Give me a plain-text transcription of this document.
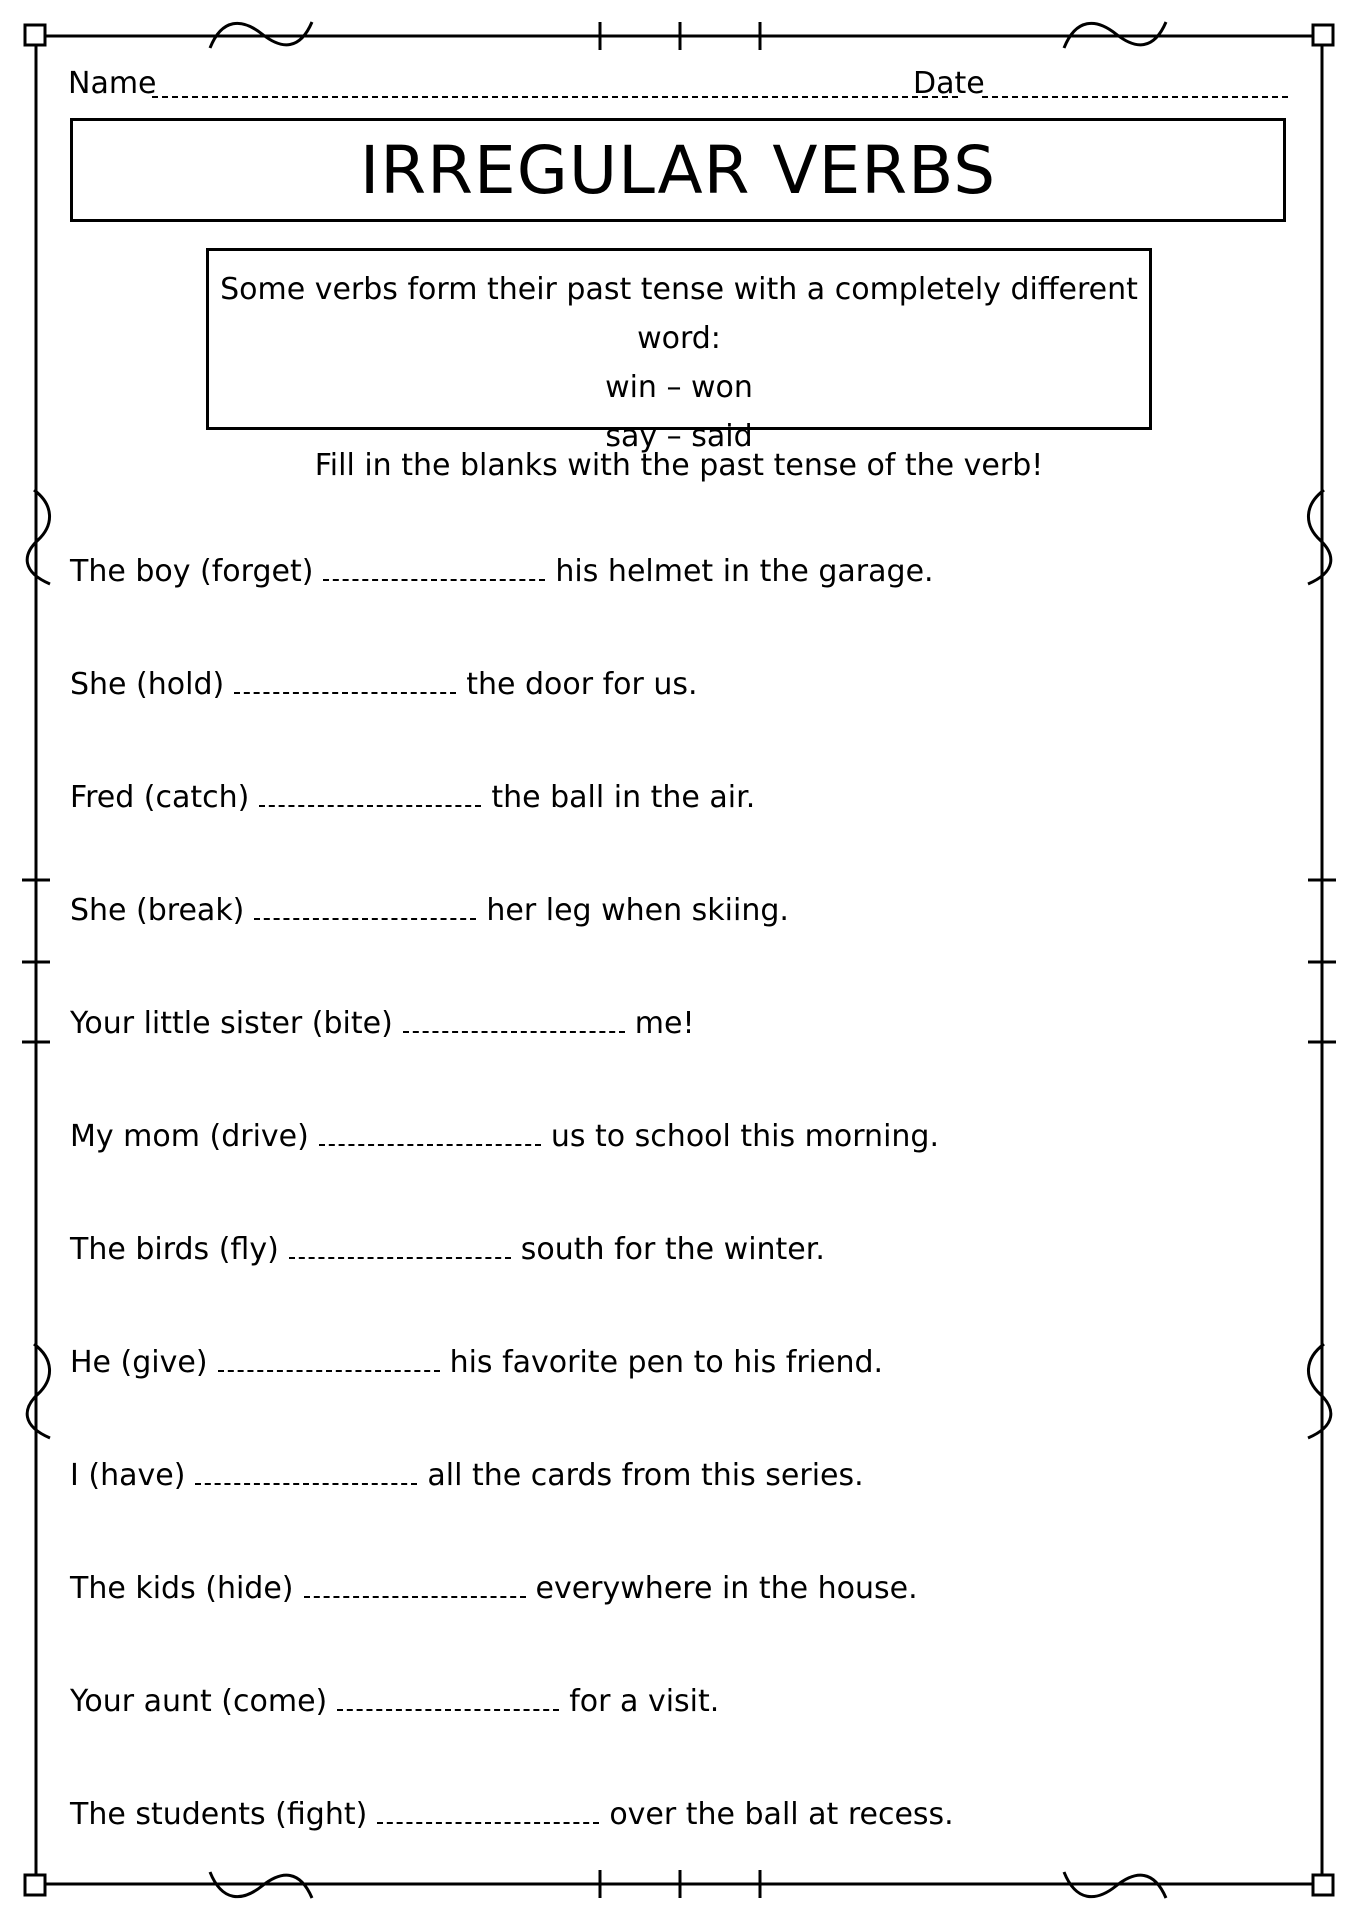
Name	Date
IRREGULAR VERBS
Some verbs form their past tense with a completely different word:
win – won
say – said
Fill in the blanks with the past tense of the verb!
The boy (forget)	his helmet in the garage.
She (hold)	the door for us.
Fred (catch)	the ball in the air.
She (break)	her leg when skiing.
Your little sister (bite)	me!
My mom (drive)	us to school this morning.
The birds (fly)	south for the winter.
He (give)	his favorite pen to his friend.
I (have)	all the cards from this series.
The kids (hide)	everywhere in the house.
Your aunt (come)	for a visit.
The students (fight)	over the ball at recess.
